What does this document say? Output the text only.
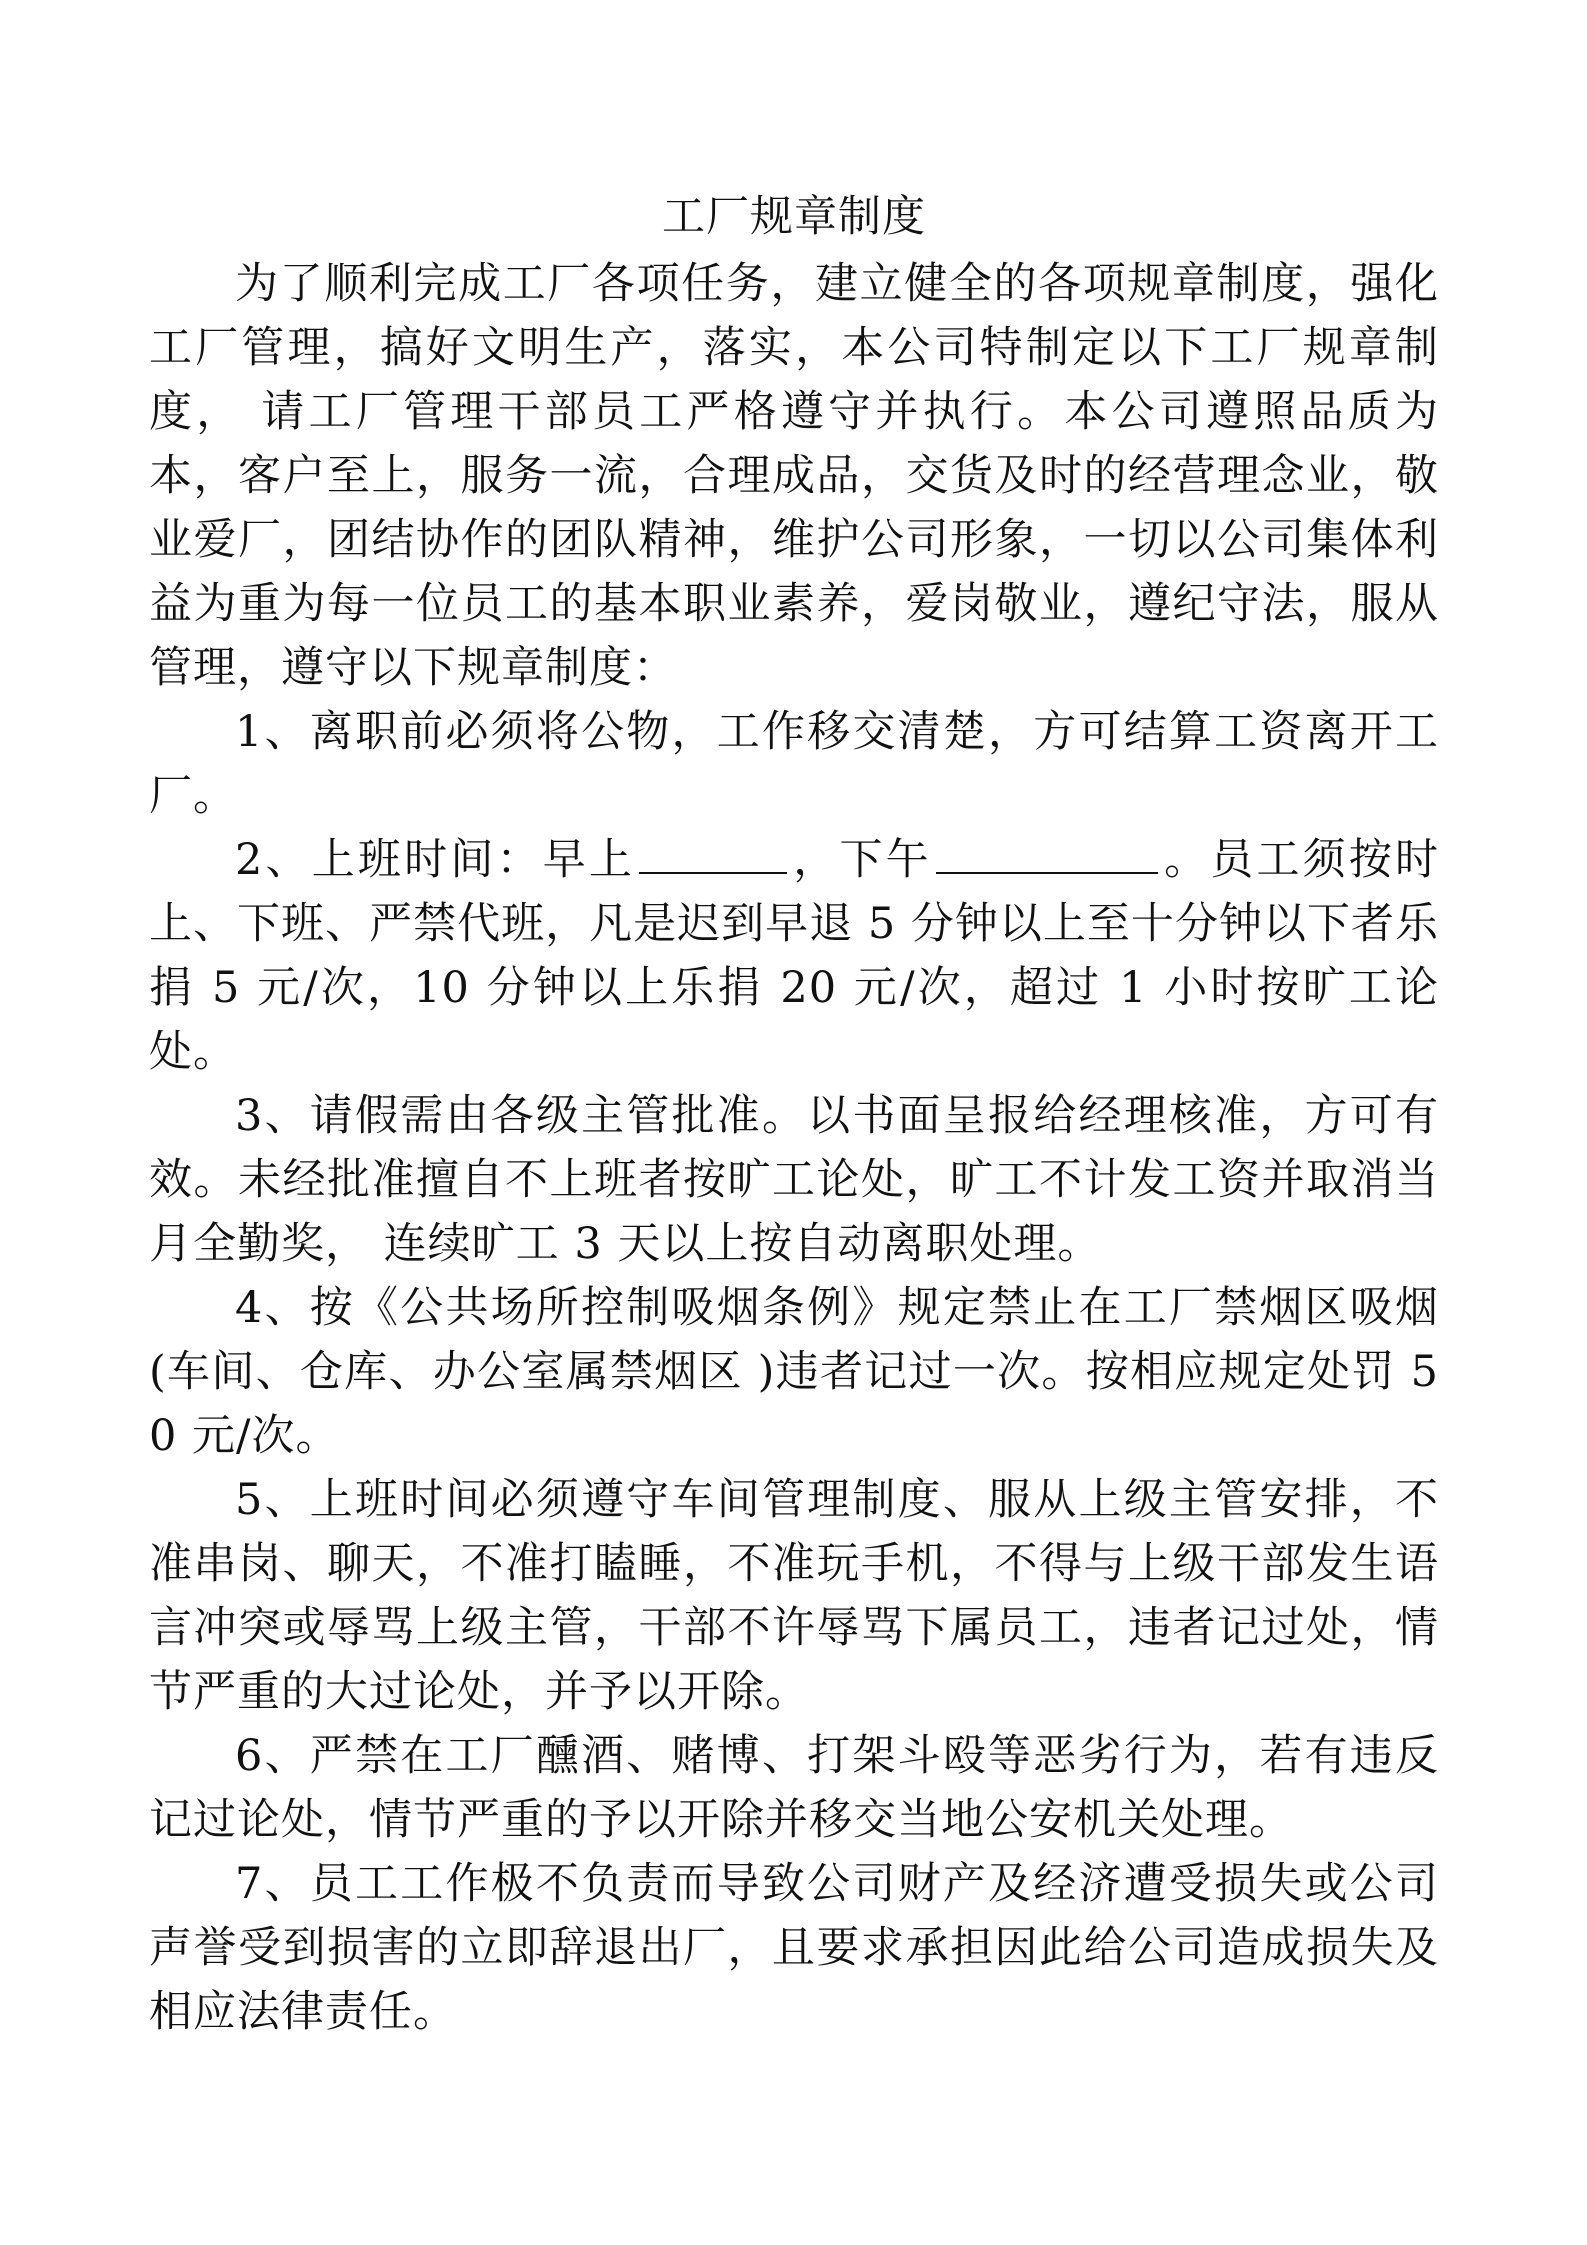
工厂规章制度

为了顺利完成工厂各项任务，建立健全的各项规章制度，强化工厂管理，搞好文明生产，落实，本公司特制定以下工厂规章制度， 请工厂管理干部员工严格遵守并执行。本公司遵照品质为本，客户至上，服务一流，合理成品，交货及时的经营理念业，敬业爱厂，团结协作的团队精神，维护公司形象，一切以公司集体利益为重为每一位员工的基本职业素养，爱岗敬业，遵纪守法，服从管理，遵守以下规章制度：

1、离职前必须将公物，工作移交清楚，方可结算工资离开工厂。

2、上班时间：早上	，下午	。员工须按时上、下班、严禁代班，凡是迟到早退 5 分钟以上至十分钟以下者乐捐 5 元/次，10 分钟以上乐捐 20 元/次，超过 1 小时按旷工论处。

3、请假需由各级主管批准。以书面呈报给经理核准，方可有效。未经批准擅自不上班者按旷工论处，旷工不计发工资并取消当月全勤奖， 连续旷工 3 天以上按自动离职处理。

4、按《公共场所控制吸烟条例》规定禁止在工厂禁烟区吸烟(车间、仓库、办公室属禁烟区 )违者记过一次。按相应规定处罚 50 元/次。

5、上班时间必须遵守车间管理制度、服从上级主管安排，不准串岗、聊天，不准打瞌睡，不准玩手机，不得与上级干部发生语言冲突或辱骂上级主管，干部不许辱骂下属员工，违者记过处，情节严重的大过论处，并予以开除。

6、严禁在工厂醺酒、赌博、打架斗殴等恶劣行为，若有违反记过论处，情节严重的予以开除并移交当地公安机关处理。

7、员工工作极不负责而导致公司财产及经济遭受损失或公司声誉受到损害的立即辞退出厂，且要求承担因此给公司造成损失及相应法律责任。
